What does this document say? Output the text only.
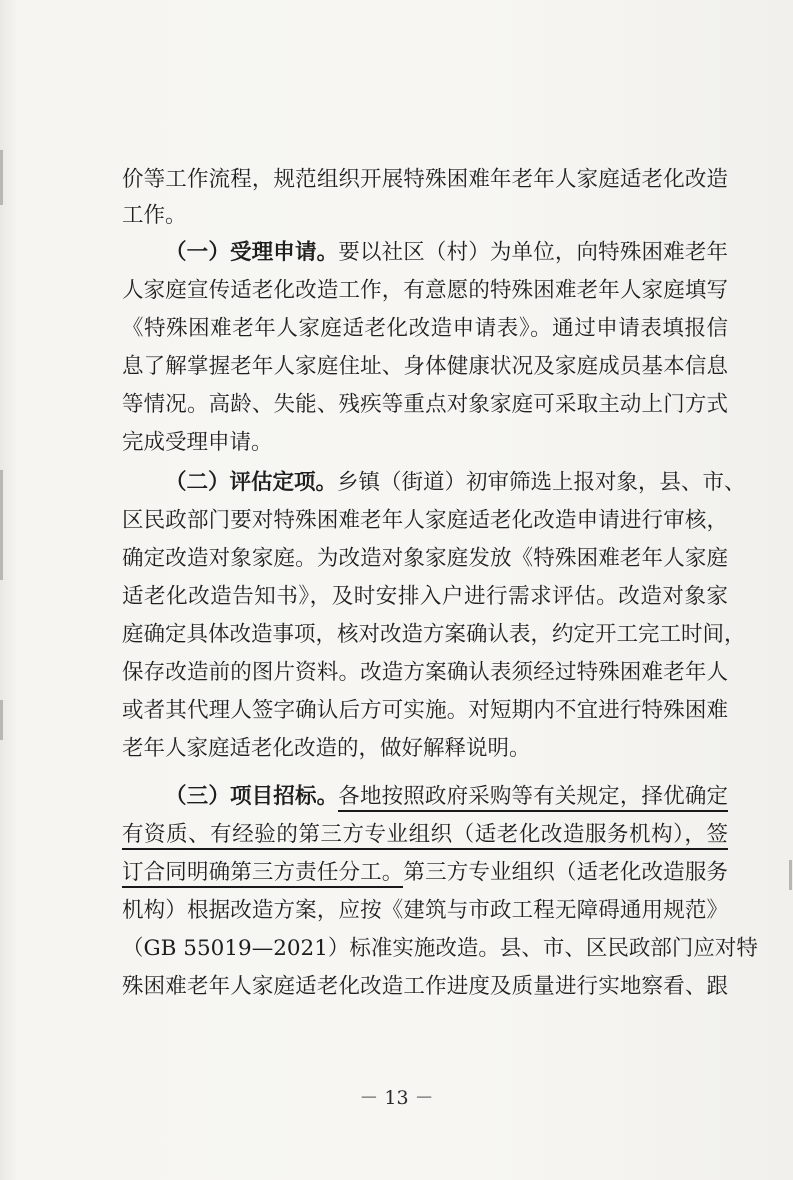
价等工作流程，规范组织开展特殊困难年老年人家庭适老化改造
工作。
（一）受理申请。要以社区（村）为单位，向特殊困难老年
人家庭宣传适老化改造工作，有意愿的特殊困难老年人家庭填写
《特殊困难老年人家庭适老化改造申请表》。通过申请表填报信
息了解掌握老年人家庭住址、身体健康状况及家庭成员基本信息
等情况。高龄、失能、残疾等重点对象家庭可采取主动上门方式
完成受理申请。
（二）评估定项。乡镇（街道）初审筛选上报对象，县、市、
区民政部门要对特殊困难老年人家庭适老化改造申请进行审核，
确定改造对象家庭。为改造对象家庭发放《特殊困难老年人家庭
适老化改造告知书》，及时安排入户进行需求评估。改造对象家
庭确定具体改造事项，核对改造方案确认表，约定开工完工时间，
保存改造前的图片资料。改造方案确认表须经过特殊困难老年人
或者其代理人签字确认后方可实施。对短期内不宜进行特殊困难
老年人家庭适老化改造的，做好解释说明。
（三）项目招标。各地按照政府采购等有关规定，择优确定
有资质、有经验的第三方专业组织（适老化改造服务机构），签
订合同明确第三方责任分工。第三方专业组织（适老化改造服务
机构）根据改造方案，应按《建筑与市政工程无障碍通用规范》
（GB 55019—2021）标准实施改造。县、市、区民政部门应对特
殊困难老年人家庭适老化改造工作进度及质量进行实地察看、跟
－ 13 －
